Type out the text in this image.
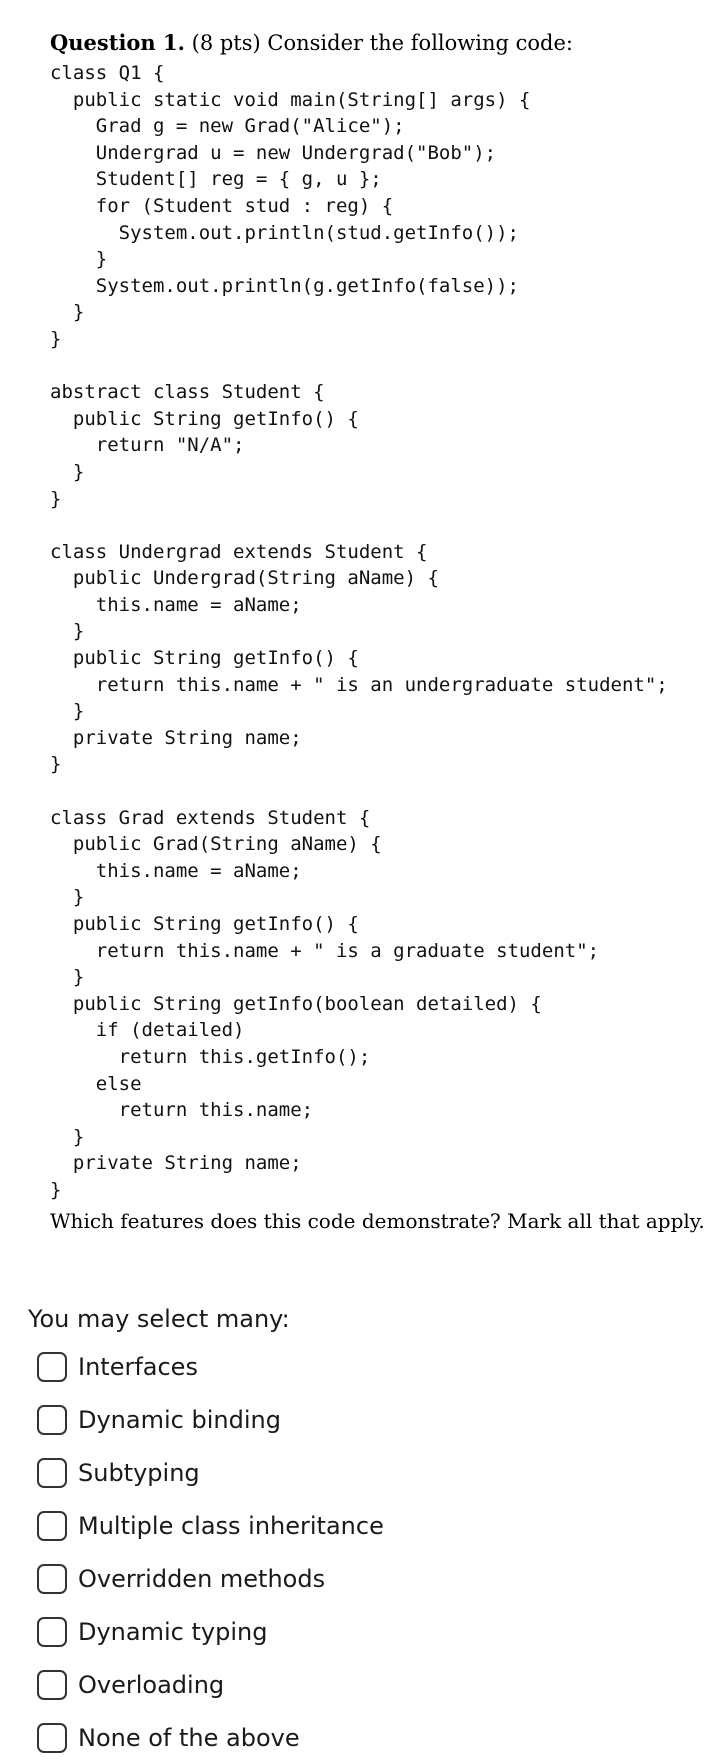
Question 1. (8 pts) Consider the following code:
class Q1 {
public static void main(String[] args) {
Grad g = new Grad("Alice");
Undergrad u = new Undergrad("Bob");
Student[] reg = { g, u };
for (Student stud : reg) {
System.out.println(stud.getInfo());
}
System.out.println(g.getInfo(false));
}
}
abstract class Student {
public String getInfo() {
return "N/A";
}
}
class Undergrad extends Student {
public Undergrad(String aName) {
this.name = aName;
}
public String getInfo() {
return this.name + " is an undergraduate student";
}
private String name;
}
class Grad extends Student {
public Grad(String aName) {
this.name = aName;
}
public String getInfo() {
return this.name + " is a graduate student";
}
public String getInfo(boolean detailed) {
if (detailed)
return this.getInfo();
else
return this.name;
}
private String name;
}
Which features does this code demonstrate? Mark all that apply.
You may select many:
Interfaces
Dynamic binding
Subtyping
Multiple class inheritance
Overridden methods
Dynamic typing
Overloading
None of the above
